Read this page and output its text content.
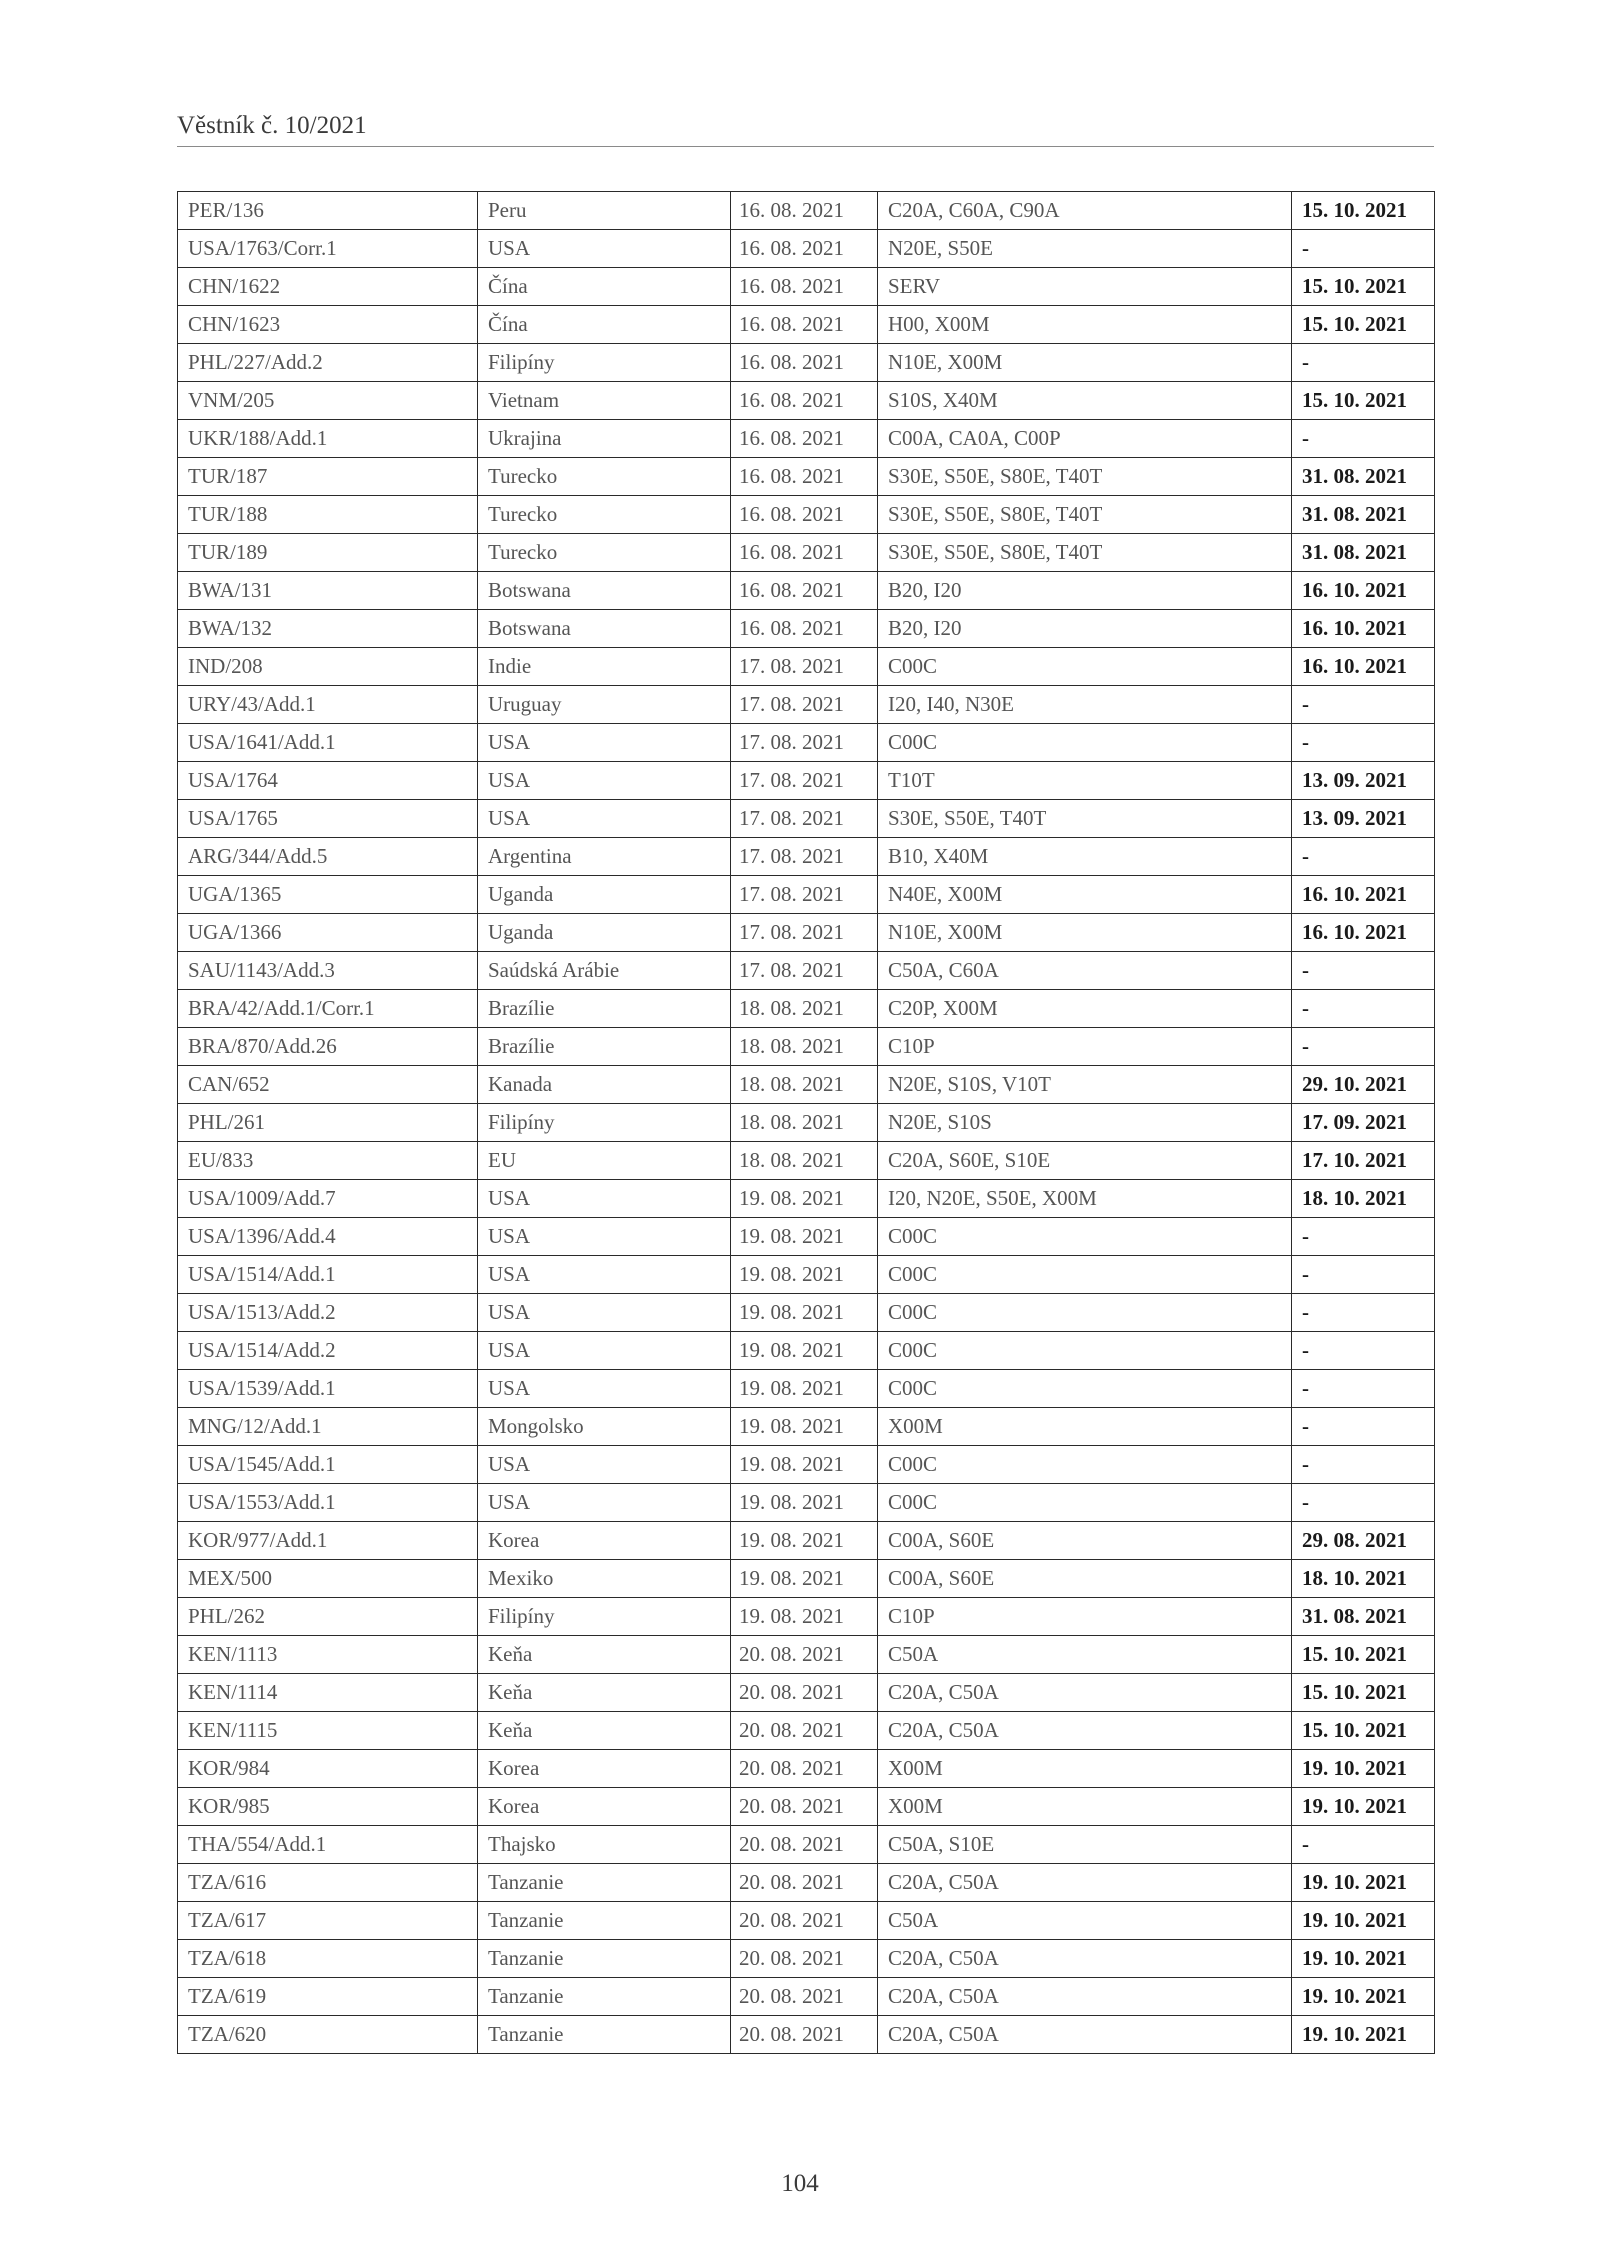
Věstník č. 10/2021
PER/136	Peru	16. 08. 2021	C20A, C60A, C90A	15. 10. 2021
USA/1763/Corr.1	USA	16. 08. 2021	N20E, S50E	-
CHN/1622	Čína	16. 08. 2021	SERV	15. 10. 2021
CHN/1623	Čína	16. 08. 2021	H00, X00M	15. 10. 2021
PHL/227/Add.2	Filipíny	16. 08. 2021	N10E, X00M	-
VNM/205	Vietnam	16. 08. 2021	S10S, X40M	15. 10. 2021
UKR/188/Add.1	Ukrajina	16. 08. 2021	C00A, CA0A, C00P	-
TUR/187	Turecko	16. 08. 2021	S30E, S50E, S80E, T40T	31. 08. 2021
TUR/188	Turecko	16. 08. 2021	S30E, S50E, S80E, T40T	31. 08. 2021
TUR/189	Turecko	16. 08. 2021	S30E, S50E, S80E, T40T	31. 08. 2021
BWA/131	Botswana	16. 08. 2021	B20, I20	16. 10. 2021
BWA/132	Botswana	16. 08. 2021	B20, I20	16. 10. 2021
IND/208	Indie	17. 08. 2021	C00C	16. 10. 2021
URY/43/Add.1	Uruguay	17. 08. 2021	I20, I40, N30E	-
USA/1641/Add.1	USA	17. 08. 2021	C00C	-
USA/1764	USA	17. 08. 2021	T10T	13. 09. 2021
USA/1765	USA	17. 08. 2021	S30E, S50E, T40T	13. 09. 2021
ARG/344/Add.5	Argentina	17. 08. 2021	B10, X40M	-
UGA/1365	Uganda	17. 08. 2021	N40E, X00M	16. 10. 2021
UGA/1366	Uganda	17. 08. 2021	N10E, X00M	16. 10. 2021
SAU/1143/Add.3	Saúdská Arábie	17. 08. 2021	C50A, C60A	-
BRA/42/Add.1/Corr.1	Brazílie	18. 08. 2021	C20P, X00M	-
BRA/870/Add.26	Brazílie	18. 08. 2021	C10P	-
CAN/652	Kanada	18. 08. 2021	N20E, S10S, V10T	29. 10. 2021
PHL/261	Filipíny	18. 08. 2021	N20E, S10S	17. 09. 2021
EU/833	EU	18. 08. 2021	C20A, S60E, S10E	17. 10. 2021
USA/1009/Add.7	USA	19. 08. 2021	I20, N20E, S50E, X00M	18. 10. 2021
USA/1396/Add.4	USA	19. 08. 2021	C00C	-
USA/1514/Add.1	USA	19. 08. 2021	C00C	-
USA/1513/Add.2	USA	19. 08. 2021	C00C	-
USA/1514/Add.2	USA	19. 08. 2021	C00C	-
USA/1539/Add.1	USA	19. 08. 2021	C00C	-
MNG/12/Add.1	Mongolsko	19. 08. 2021	X00M	-
USA/1545/Add.1	USA	19. 08. 2021	C00C	-
USA/1553/Add.1	USA	19. 08. 2021	C00C	-
KOR/977/Add.1	Korea	19. 08. 2021	C00A, S60E	29. 08. 2021
MEX/500	Mexiko	19. 08. 2021	C00A, S60E	18. 10. 2021
PHL/262	Filipíny	19. 08. 2021	C10P	31. 08. 2021
KEN/1113	Keňa	20. 08. 2021	C50A	15. 10. 2021
KEN/1114	Keňa	20. 08. 2021	C20A, C50A	15. 10. 2021
KEN/1115	Keňa	20. 08. 2021	C20A, C50A	15. 10. 2021
KOR/984	Korea	20. 08. 2021	X00M	19. 10. 2021
KOR/985	Korea	20. 08. 2021	X00M	19. 10. 2021
THA/554/Add.1	Thajsko	20. 08. 2021	C50A, S10E	-
TZA/616	Tanzanie	20. 08. 2021	C20A, C50A	19. 10. 2021
TZA/617	Tanzanie	20. 08. 2021	C50A	19. 10. 2021
TZA/618	Tanzanie	20. 08. 2021	C20A, C50A	19. 10. 2021
TZA/619	Tanzanie	20. 08. 2021	C20A, C50A	19. 10. 2021
TZA/620	Tanzanie	20. 08. 2021	C20A, C50A	19. 10. 2021
104
